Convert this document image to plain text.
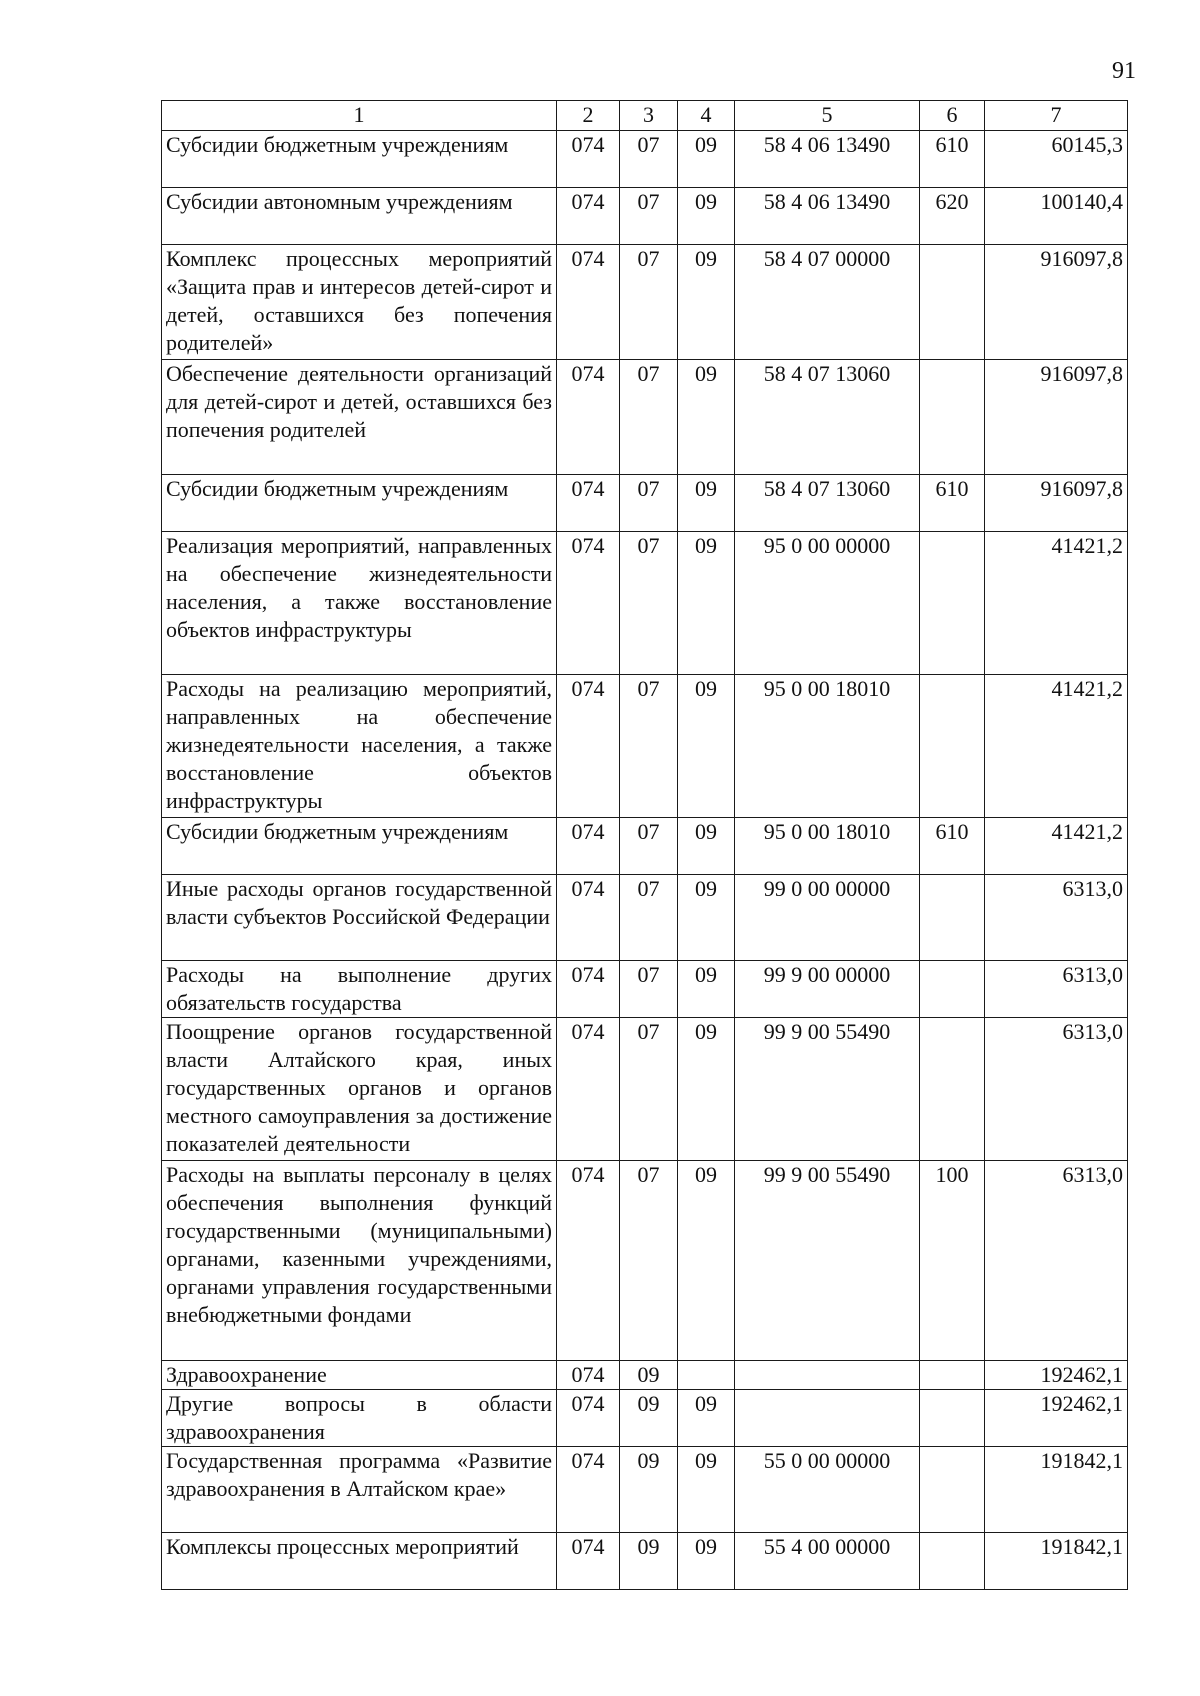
91
1	2	3	4	5	6	7
Субсидии бюджетным учреждениям	074	07	09	58 4 06 13490	610	60145,3
Субсидии автономным учреждениям	074	07	09	58 4 06 13490	620	100140,4
Комплекс процессных мероприятий «Защита прав и интересов детей-сирот и детей, оставшихся без попечения родителей»	074	07	09	58 4 07 00000		916097,8
Обеспечение деятельности организаций для детей-сирот и детей, оставшихся без попечения родителей	074	07	09	58 4 07 13060		916097,8
Субсидии бюджетным учреждениям	074	07	09	58 4 07 13060	610	916097,8
Реализация мероприятий, направленных на обеспечение жизнедеятельности населения, а также восстановление объектов инфраструктуры	074	07	09	95 0 00 00000		41421,2
Расходы на реализацию мероприятий, направленных на обеспечение жизнедеятельности населения, а также восстановление объектов инфраструктуры	074	07	09	95 0 00 18010		41421,2
Субсидии бюджетным учреждениям	074	07	09	95 0 00 18010	610	41421,2
Иные расходы органов государственной власти субъектов Российской Федерации	074	07	09	99 0 00 00000		6313,0
Расходы на выполнение других обязательств государства	074	07	09	99 9 00 00000		6313,0
Поощрение органов государственной власти Алтайского края, иных государственных органов и органов местного самоуправления за достижение показателей деятельности	074	07	09	99 9 00 55490		6313,0
Расходы на выплаты персоналу в целях обеспечения выполнения функций государственными (муниципальными) органами, казенными учреждениями, органами управления государственными внебюджетными фондами	074	07	09	99 9 00 55490	100	6313,0
Здравоохранение	074	09				192462,1
Другие вопросы в области здравоохранения	074	09	09			192462,1
Государственная программа «Развитие здравоохранения в Алтайском крае»	074	09	09	55 0 00 00000		191842,1
Комплексы процессных мероприятий	074	09	09	55 4 00 00000		191842,1
